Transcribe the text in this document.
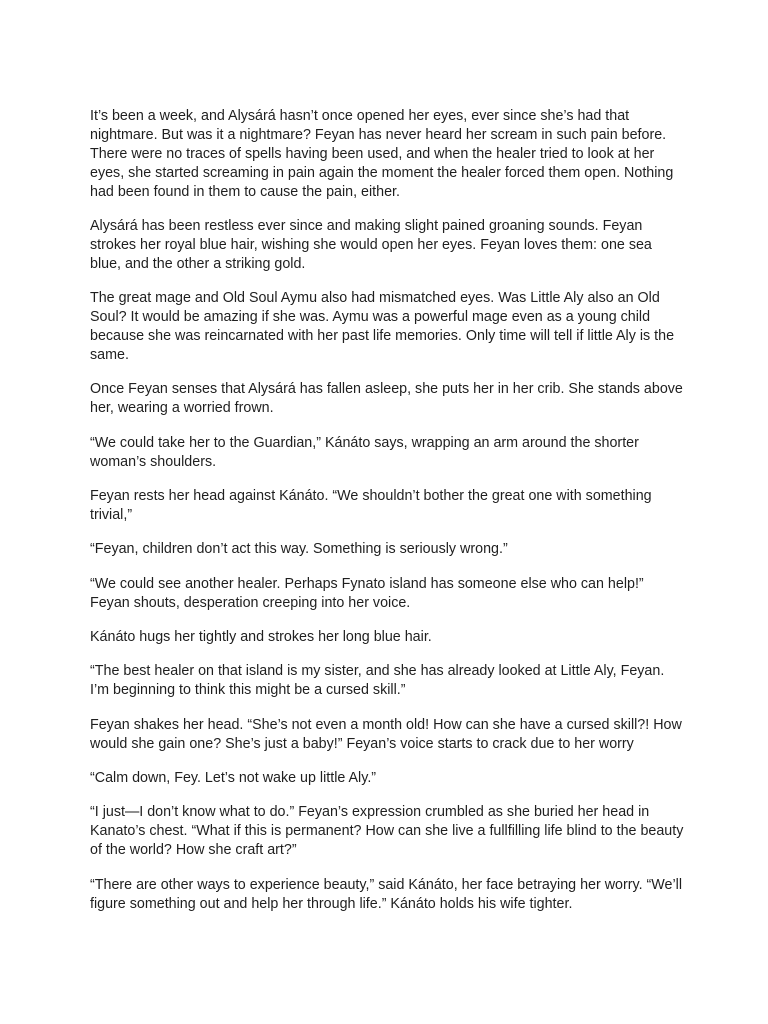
It’s been a week, and Alysárá hasn’t once opened her eyes, ever since she’s had that nightmare. But was it a nightmare? Feyan has never heard her scream in such pain before. There were no traces of spells having been used, and when the healer tried to look at her eyes, she started screaming in pain again the moment the healer forced them open. Nothing had been found in them to cause the pain, either.

Alysárá has been restless ever since and making slight pained groaning sounds. Feyan strokes her royal blue hair, wishing she would open her eyes. Feyan loves them: one sea blue, and the other a striking gold.

The great mage and Old Soul Aymu also had mismatched eyes. Was Little Aly also an Old Soul? It would be amazing if she was. Aymu was a powerful mage even as a young child because she was reincarnated with her past life memories. Only time will tell if little Aly is the same.

Once Feyan senses that Alysárá has fallen asleep, she puts her in her crib. She stands above her, wearing a worried frown.

“We could take her to the Guardian,” Kánáto says, wrapping an arm around the shorter woman’s shoulders.

Feyan rests her head against Kánáto. “We shouldn’t bother the great one with something trivial,”

“Feyan, children don’t act this way. Something is seriously wrong.”

“We could see another healer. Perhaps Fynato island has someone else who can help!” Feyan shouts, desperation creeping into her voice.

Kánáto hugs her tightly and strokes her long blue hair.

“The best healer on that island is my sister, and she has already looked at Little Aly, Feyan. I’m beginning to think this might be a cursed skill.”

Feyan shakes her head. “She’s not even a month old! How can she have a cursed skill?! How would she gain one? She’s just a baby!” Feyan’s voice starts to crack due to her worry

“Calm down, Fey. Let’s not wake up little Aly.”

“I just—I don’t know what to do.” Feyan’s expression crumbled as she buried her head in Kanato’s chest. “What if this is permanent? How can she live a fullfilling life blind to the beauty of the world? How she craft art?”

“There are other ways to experience beauty,” said Kánáto, her face betraying her worry. “We’ll figure something out and help her through life.” Kánáto holds his wife tighter.
